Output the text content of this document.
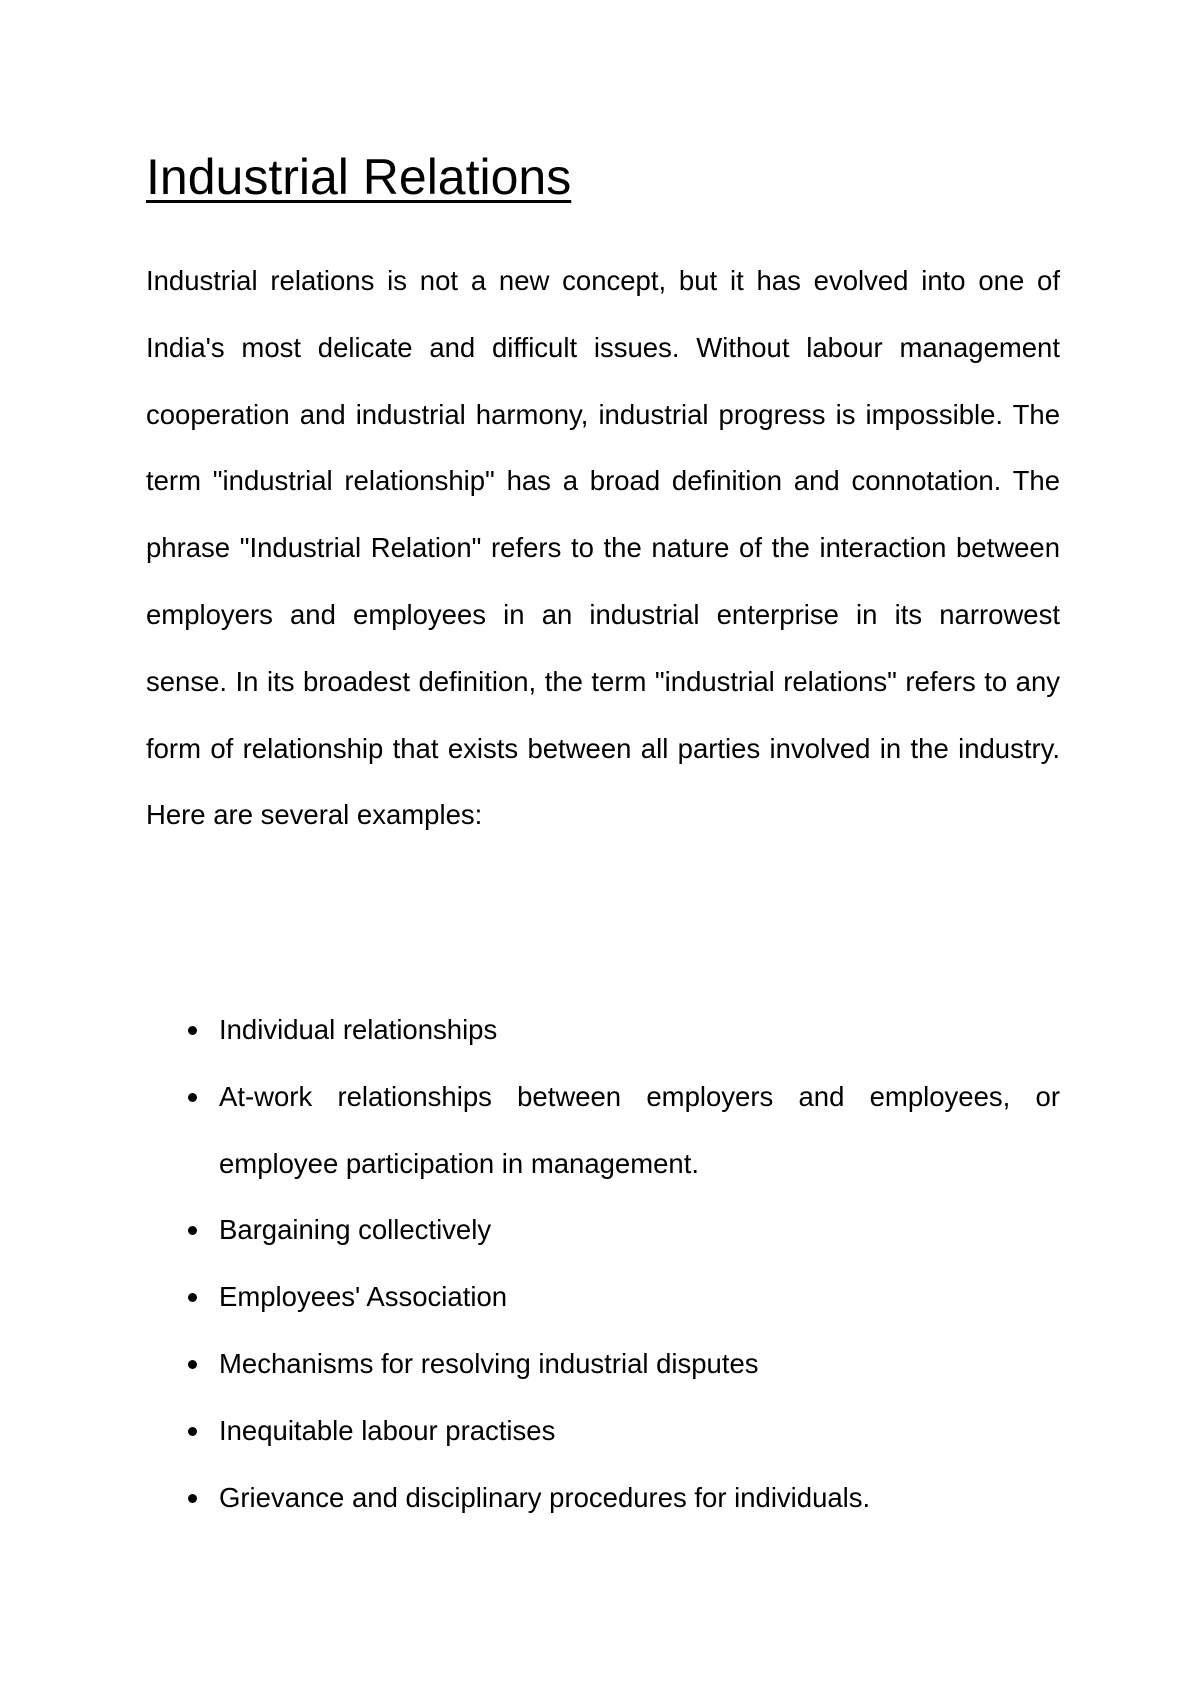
Industrial Relations

Industrial relations is not a new concept, but it has evolved into one of India's most delicate and difficult issues. Without labour management cooperation and industrial harmony, industrial progress is impossible. The term "industrial relationship" has a broad definition and connotation. The phrase "Industrial Relation" refers to the nature of the interaction between employers and employees in an industrial enterprise in its narrowest sense. In its broadest definition, the term "industrial relations" refers to any form of relationship that exists between all parties involved in the industry. Here are several examples:

Individual relationships
At-work relationships between employers and employees, or employee participation in management.
Bargaining collectively
Employees' Association
Mechanisms for resolving industrial disputes
Inequitable labour practises
Grievance and disciplinary procedures for individuals.
